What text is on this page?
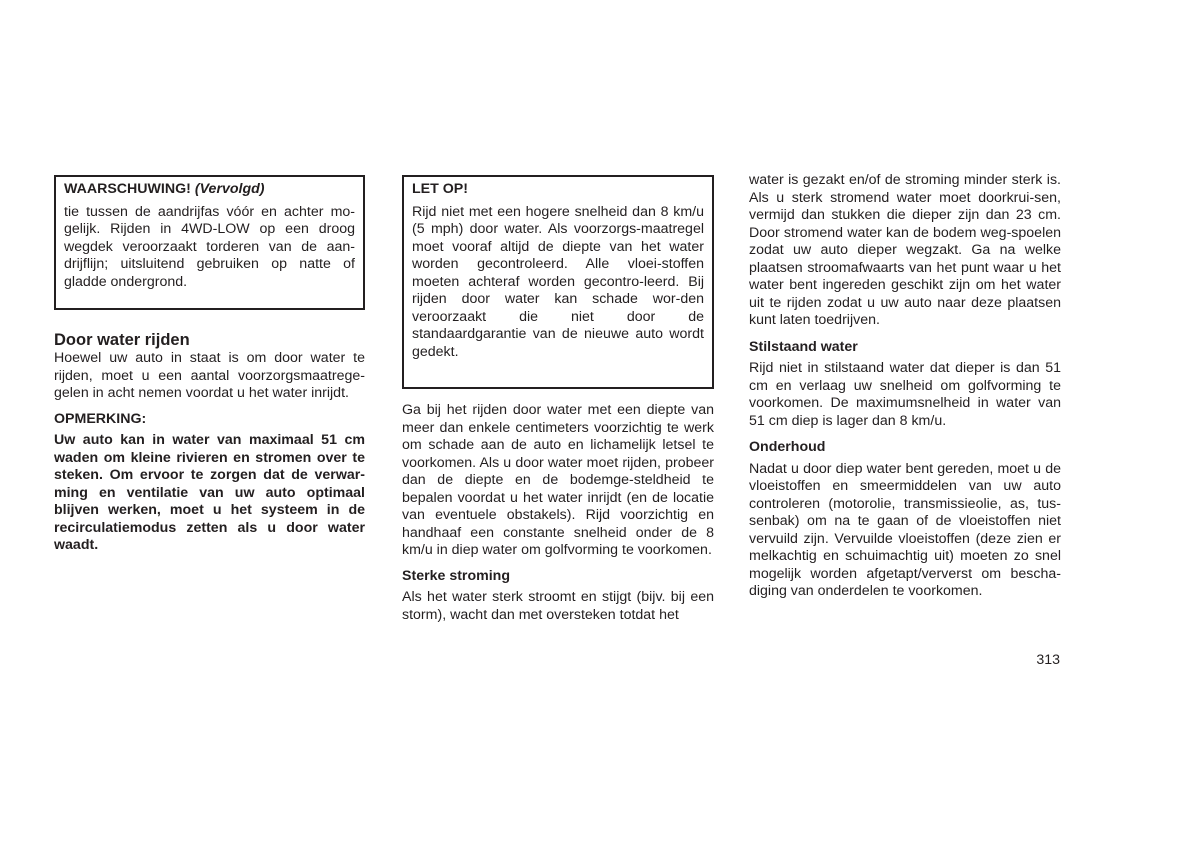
WAARSCHUWING! (Vervolgd)

tie tussen de aandrijfas vóór en achter mo-gelijk. Rijden in 4WD-LOW op een droog wegdek veroorzaakt torderen van de aan-drijflijn; uitsluitend gebruiken op natte of gladde ondergrond.

Door water rijden

Hoewel uw auto in staat is om door water te rijden, moet u een aantal voorzorgsmaatrege-gelen in acht nemen voordat u het water inrijdt.

OPMERKING:

Uw auto kan in water van maximaal 51 cm waden om kleine rivieren en stromen over te steken. Om ervoor te zorgen dat de verwar-ming en ventilatie van uw auto optimaal blijven werken, moet u het systeem in de recirculatiemodus zetten als u door water waadt.

LET OP!

Rijd niet met een hogere snelheid dan 8 km/u (5 mph) door water. Als voorzorgs-maatregel moet vooraf altijd de diepte van het water worden gecontroleerd. Alle vloei-stoffen moeten achteraf worden gecontro-leerd. Bij rijden door water kan schade wor-den veroorzaakt die niet door de standaardgarantie van de nieuwe auto wordt gedekt.

Ga bij het rijden door water met een diepte van meer dan enkele centimeters voorzichtig te werk om schade aan de auto en lichamelijk letsel te voorkomen. Als u door water moet rijden, probeer dan de diepte en de bodemge-steldheid te bepalen voordat u het water inrijdt (en de locatie van eventuele obstakels). Rijd voorzichtig en handhaaf een constante snelheid onder de 8 km/u in diep water om golfvorming te voorkomen.

Sterke stroming

Als het water sterk stroomt en stijgt (bijv. bij een storm), wacht dan met oversteken totdat het

water is gezakt en/of de stroming minder sterk is. Als u sterk stromend water moet doorkrui-sen, vermijd dan stukken die dieper zijn dan 23 cm. Door stromend water kan de bodem weg-spoelen zodat uw auto dieper wegzakt. Ga na welke plaatsen stroomafwaarts van het punt waar u het water bent ingereden geschikt zijn om het water uit te rijden zodat u uw auto naar deze plaatsen kunt laten toedrijven.

Stilstaand water

Rijd niet in stilstaand water dat dieper is dan 51 cm en verlaag uw snelheid om golfvorming te voorkomen. De maximumsnelheid in water van 51 cm diep is lager dan 8 km/u.

Onderhoud

Nadat u door diep water bent gereden, moet u de vloeistoffen en smeermiddelen van uw auto controleren (motorolie, transmissieolie, as, tus-senbak) om na te gaan of de vloeistoffen niet vervuild zijn. Vervuilde vloeistoffen (deze zien er melkachtig en schuimachtig uit) moeten zo snel mogelijk worden afgetapt/ververst om bescha-diging van onderdelen te voorkomen.

313
